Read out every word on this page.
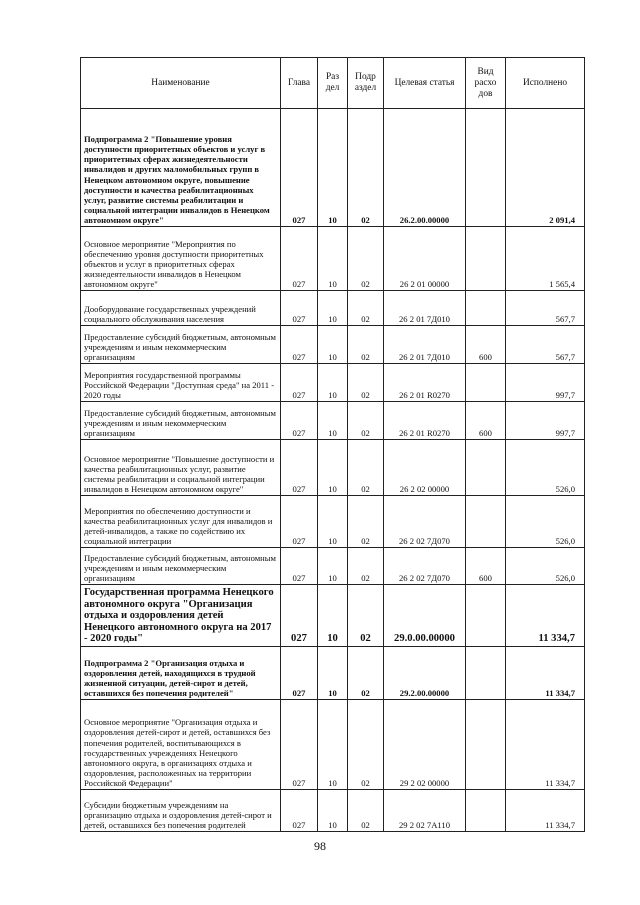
Наименование	Глава	Раз дел	Подр аздел	Целевая статья	Вид расхо дов	Исполнено
Подпрограмма 2 "Повышение уровня доступности приоритетных объектов и услуг в приоритетных сферах жизнедеятельности инвалидов и других маломобильных групп в Ненецком автономном округе, повышение доступности и качества реабилитационных услуг, развитие системы реабилитации и социальной интеграции инвалидов в Ненецком автономном округе"	027	10	02	26.2.00.00000		2 091,4
Основное мероприятие "Мероприятия по обеспечению уровня доступности приоритетных объектов и услуг в приоритетных сферах жизнедеятельности инвалидов в Ненецком автономном округе"	027	10	02	26 2 01 00000		1 565,4
Дооборудование государственных учреждений социального обслуживания населения	027	10	02	26 2 01 7Д010		567,7
Предоставление субсидий бюджетным, автономным учреждениям и иным некоммерческим организациям	027	10	02	26 2 01 7Д010	600	567,7
Мероприятия государственной программы Российской Федерации "Доступная среда" на 2011 - 2020 годы	027	10	02	26 2 01 R0270		997,7
Предоставление субсидий бюджетным, автономным учреждениям и иным некоммерческим организациям	027	10	02	26 2 01 R0270	600	997,7
Основное мероприятие "Повышение доступности и качества реабилитационных услуг, развитие системы реабилитации и социальной интеграции инвалидов в Ненецком автономном округе"	027	10	02	26 2 02 00000		526,0
Мероприятия по обеспечению доступности и качества реабилитационных услуг для инвалидов и детей-инвалидов, а также по содействию их социальной интеграции	027	10	02	26 2 02 7Д070		526,0
Предоставление субсидий бюджетным, автономным учреждениям и иным некоммерческим организациям	027	10	02	26 2 02 7Д070	600	526,0
Государственная программа Ненецкого автономного округа "Организация отдыха и оздоровления детей Ненецкого автономного округа на 2017 - 2020 годы"	027	10	02	29.0.00.00000		11 334,7
Подпрограмма 2 "Организация отдыха и оздоровления детей, находящихся в трудной жизненной ситуации, детей-сирот и детей, оставшихся без попечения родителей"	027	10	02	29.2.00.00000		11 334,7
Основное мероприятие "Организация отдыха и оздоровления детей-сирот и детей, оставшихся без попечения родителей, воспитывающихся в государственных учреждениях Ненецкого автономного округа, в организациях отдыха и оздоровления, расположенных на территории Российской Федерации"	027	10	02	29 2 02 00000		11 334,7
Субсидии бюджетным учреждениям на организацию отдыха и оздоровления детей-сирот и детей, оставшихся без попечения родителей	027	10	02	29 2 02 7А110		11 334,7
98
